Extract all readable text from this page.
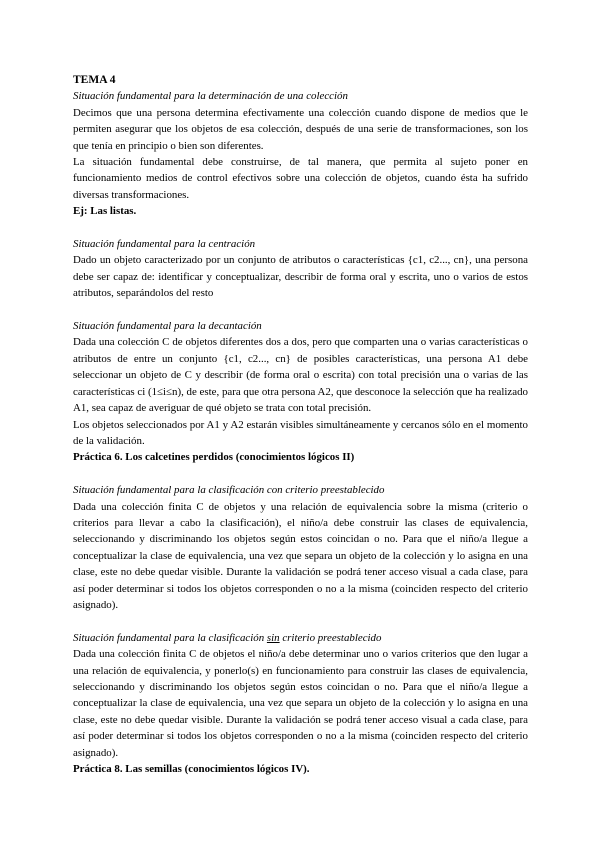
TEMA 4

Situación fundamental para la determinación de una colección

Decimos que una persona determina efectivamente una colección cuando dispone de medios que le permiten asegurar que los objetos de esa colección, después de una serie de transformaciones, son los que tenía en principio o bien son diferentes.

La situación fundamental debe construirse, de tal manera, que permita al sujeto poner en funcionamiento medios de control efectivos sobre una colección de objetos, cuando ésta ha sufrido diversas transformaciones.

Ej: Las listas.

Situación fundamental para la centración

Dado un objeto caracterizado por un conjunto de atributos o características {c1, c2..., cn}, una persona debe ser capaz de: identificar y conceptualizar, describir de forma oral y escrita, uno o varios de estos atributos, separándolos del resto

Situación fundamental para la decantación

Dada una colección C de objetos diferentes dos a dos, pero que comparten una o varias características o atributos de entre un conjunto {c1, c2..., cn} de posibles características, una persona A1 debe seleccionar un objeto de C y describir (de forma oral o escrita) con total precisión una o varias de las características ci (1≤i≤n), de este, para que otra persona A2, que desconoce la selección que ha realizado A1, sea capaz de averiguar de qué objeto se trata con total precisión.

Los objetos seleccionados por A1 y A2 estarán visibles simultáneamente y cercanos sólo en el momento de la validación.

Práctica 6. Los calcetines perdidos (conocimientos lógicos II)

Situación fundamental para la clasificación con criterio preestablecido

Dada una colección finita C de objetos y una relación de equivalencia sobre la misma (criterio o criterios para llevar a cabo la clasificación), el niño/a debe construir las clases de equivalencia, seleccionando y discriminando los objetos según estos coincidan o no. Para que el niño/a llegue a conceptualizar la clase de equivalencia, una vez que separa un objeto de la colección y lo asigna en una clase, este no debe quedar visible. Durante la validación se podrá tener acceso visual a cada clase, para así poder determinar si todos los objetos corresponden o no a la misma (coinciden respecto del criterio asignado).

Situación fundamental para la clasificación sin criterio preestablecido

Dada una colección finita C de objetos el niño/a debe determinar uno o varios criterios que den lugar a una relación de equivalencia, y ponerlo(s) en funcionamiento para construir las clases de equivalencia, seleccionando y discriminando los objetos según estos coincidan o no. Para que el niño/a llegue a conceptualizar la clase de equivalencia, una vez que separa un objeto de la colección y lo asigna en una clase, este no debe quedar visible. Durante la validación se podrá tener acceso visual a cada clase, para así poder determinar si todos los objetos corresponden o no a la misma (coinciden respecto del criterio asignado).

Práctica 8. Las semillas (conocimientos lógicos IV).
